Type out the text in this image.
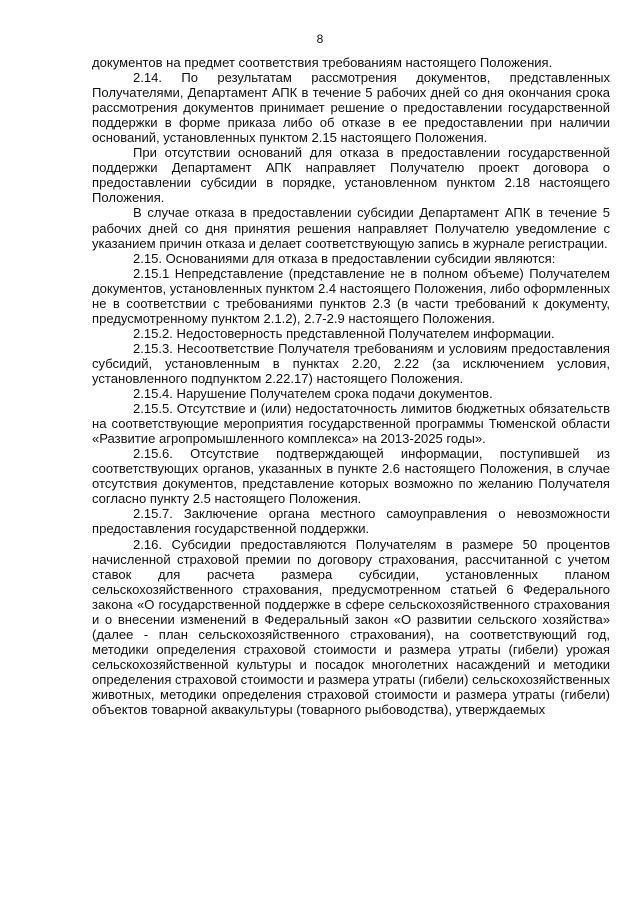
8

документов на предмет соответствия требованиям настоящего Положения.

2.14. По результатам рассмотрения документов, представленных Получателями, Департамент АПК в течение 5 рабочих дней со дня окончания срока рассмотрения документов принимает решение о предоставлении государственной поддержки в форме приказа либо об отказе в ее предоставлении при наличии оснований, установленных пунктом 2.15 настоящего Положения.

При отсутствии оснований для отказа в предоставлении государственной поддержки Департамент АПК направляет Получателю проект договора о предоставлении субсидии в порядке, установленном пунктом 2.18 настоящего Положения.

В случае отказа в предоставлении субсидии Департамент АПК в течение 5 рабочих дней со дня принятия решения направляет Получателю уведомление с указанием причин отказа и делает соответствующую запись в журнале регистрации.

2.15. Основаниями для отказа в предоставлении субсидии являются:

2.15.1 Непредставление (представление не в полном объеме) Получателем документов, установленных пунктом 2.4 настоящего Положения, либо оформленных не в соответствии с требованиями пунктов 2.3 (в части требований к документу, предусмотренному пунктом 2.1.2), 2.7-2.9 настоящего Положения.

2.15.2. Недостоверность представленной Получателем информации.

2.15.3. Несоответствие Получателя требованиям и условиям предоставления субсидий, установленным в пунктах 2.20, 2.22 (за исключением условия, установленного подпунктом 2.22.17) настоящего Положения.

2.15.4. Нарушение Получателем срока подачи документов.

2.15.5. Отсутствие и (или) недостаточность лимитов бюджетных обязательств на соответствующие мероприятия государственной программы Тюменской области «Развитие агропромышленного комплекса» на 2013-2025 годы».

2.15.6. Отсутствие подтверждающей информации, поступившей из соответствующих органов, указанных в пункте 2.6 настоящего Положения, в случае отсутствия документов, представление которых возможно по желанию Получателя согласно пункту 2.5 настоящего Положения.

2.15.7. Заключение органа местного самоуправления о невозможности предоставления государственной поддержки.

2.16. Субсидии предоставляются Получателям в размере 50 процентов начисленной страховой премии по договору страхования, рассчитанной с учетом ставок для расчета размера субсидии, установленных планом сельскохозяйственного страхования, предусмотренном статьей 6 Федерального закона «О государственной поддержке в сфере сельскохозяйственного страхования и о внесении изменений в Федеральный закон «О развитии сельского хозяйства» (далее - план сельскохозяйственного страхования), на соответствующий год, методики определения страховой стоимости и размера утраты (гибели) урожая сельскохозяйственной культуры и посадок многолетних насаждений и методики определения страховой стоимости и размера утраты (гибели) сельскохозяйственных животных, методики определения страховой стоимости и размера утраты (гибели) объектов товарной аквакультуры (товарного рыбоводства), утверждаемых
